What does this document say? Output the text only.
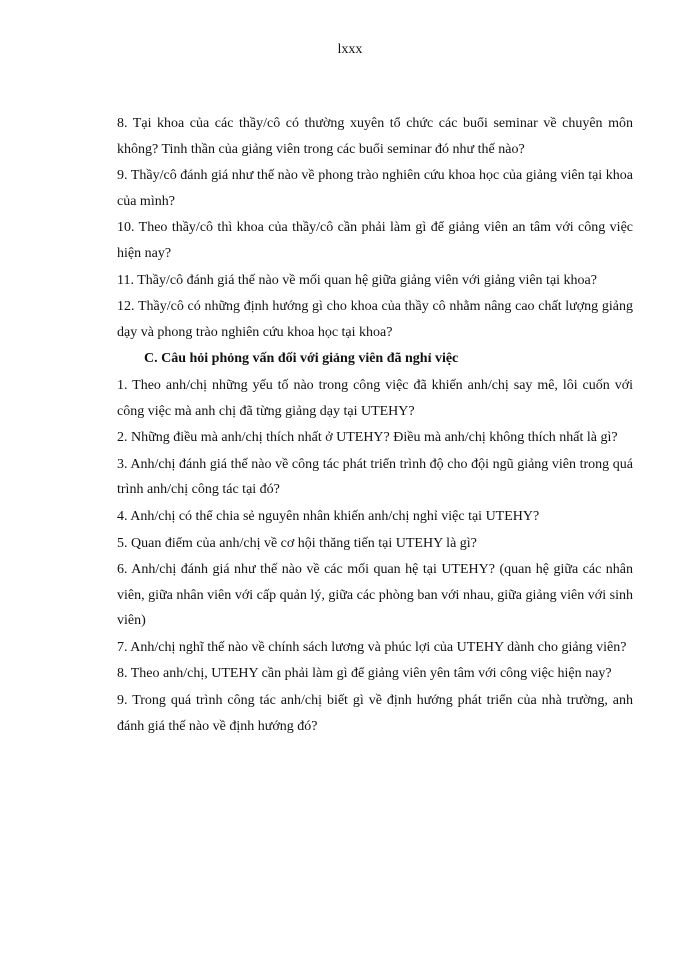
lxxx

8. Tại khoa của các thầy/cô có thường xuyên tổ chức các buổi seminar về chuyên môn không? Tinh thần của giảng viên trong các buổi seminar đó như thế nào?

9. Thầy/cô đánh giá như thế nào về phong trào nghiên cứu khoa học của giảng viên tại khoa của mình?

10. Theo thầy/cô thì khoa của thầy/cô cần phải làm gì để giảng viên an tâm với công việc hiện nay?

11. Thầy/cô đánh giá thế nào về mối quan hệ giữa giảng viên với giảng viên tại khoa?

12. Thầy/cô có những định hướng gì cho khoa của thầy cô nhằm nâng cao chất lượng giảng dạy và phong trào nghiên cứu khoa học tại khoa?

C. Câu hỏi phỏng vấn đối với giảng viên đã nghỉ việc

1. Theo anh/chị những yếu tố nào trong công việc đã khiến anh/chị say mê, lôi cuốn với công việc mà anh chị đã từng giảng dạy tại UTEHY?

2. Những điều mà anh/chị thích nhất ở UTEHY? Điều mà anh/chị không thích nhất là gì?

3. Anh/chị đánh giá thế nào về công tác phát triển trình độ cho đội ngũ giảng viên trong quá trình anh/chị công tác tại đó?

4. Anh/chị có thể chia sẻ nguyên nhân khiến anh/chị nghỉ việc tại UTEHY?

5. Quan điểm của anh/chị về cơ hội thăng tiến tại UTEHY là gì?

6. Anh/chị đánh giá như thế nào về các mối quan hệ tại UTEHY? (quan hệ giữa các nhân viên, giữa nhân viên với cấp quản lý, giữa các phòng ban với nhau, giữa giảng viên với sinh viên)

7. Anh/chị nghĩ thế nào về chính sách lương và phúc lợi của UTEHY dành cho giảng viên?

8. Theo anh/chị, UTEHY cần phải làm gì để giảng viên yên tâm với công việc hiện nay?

9. Trong quá trình công tác anh/chị biết gì về định hướng phát triển của nhà trường, anh đánh giá thế nào về định hướng đó?
